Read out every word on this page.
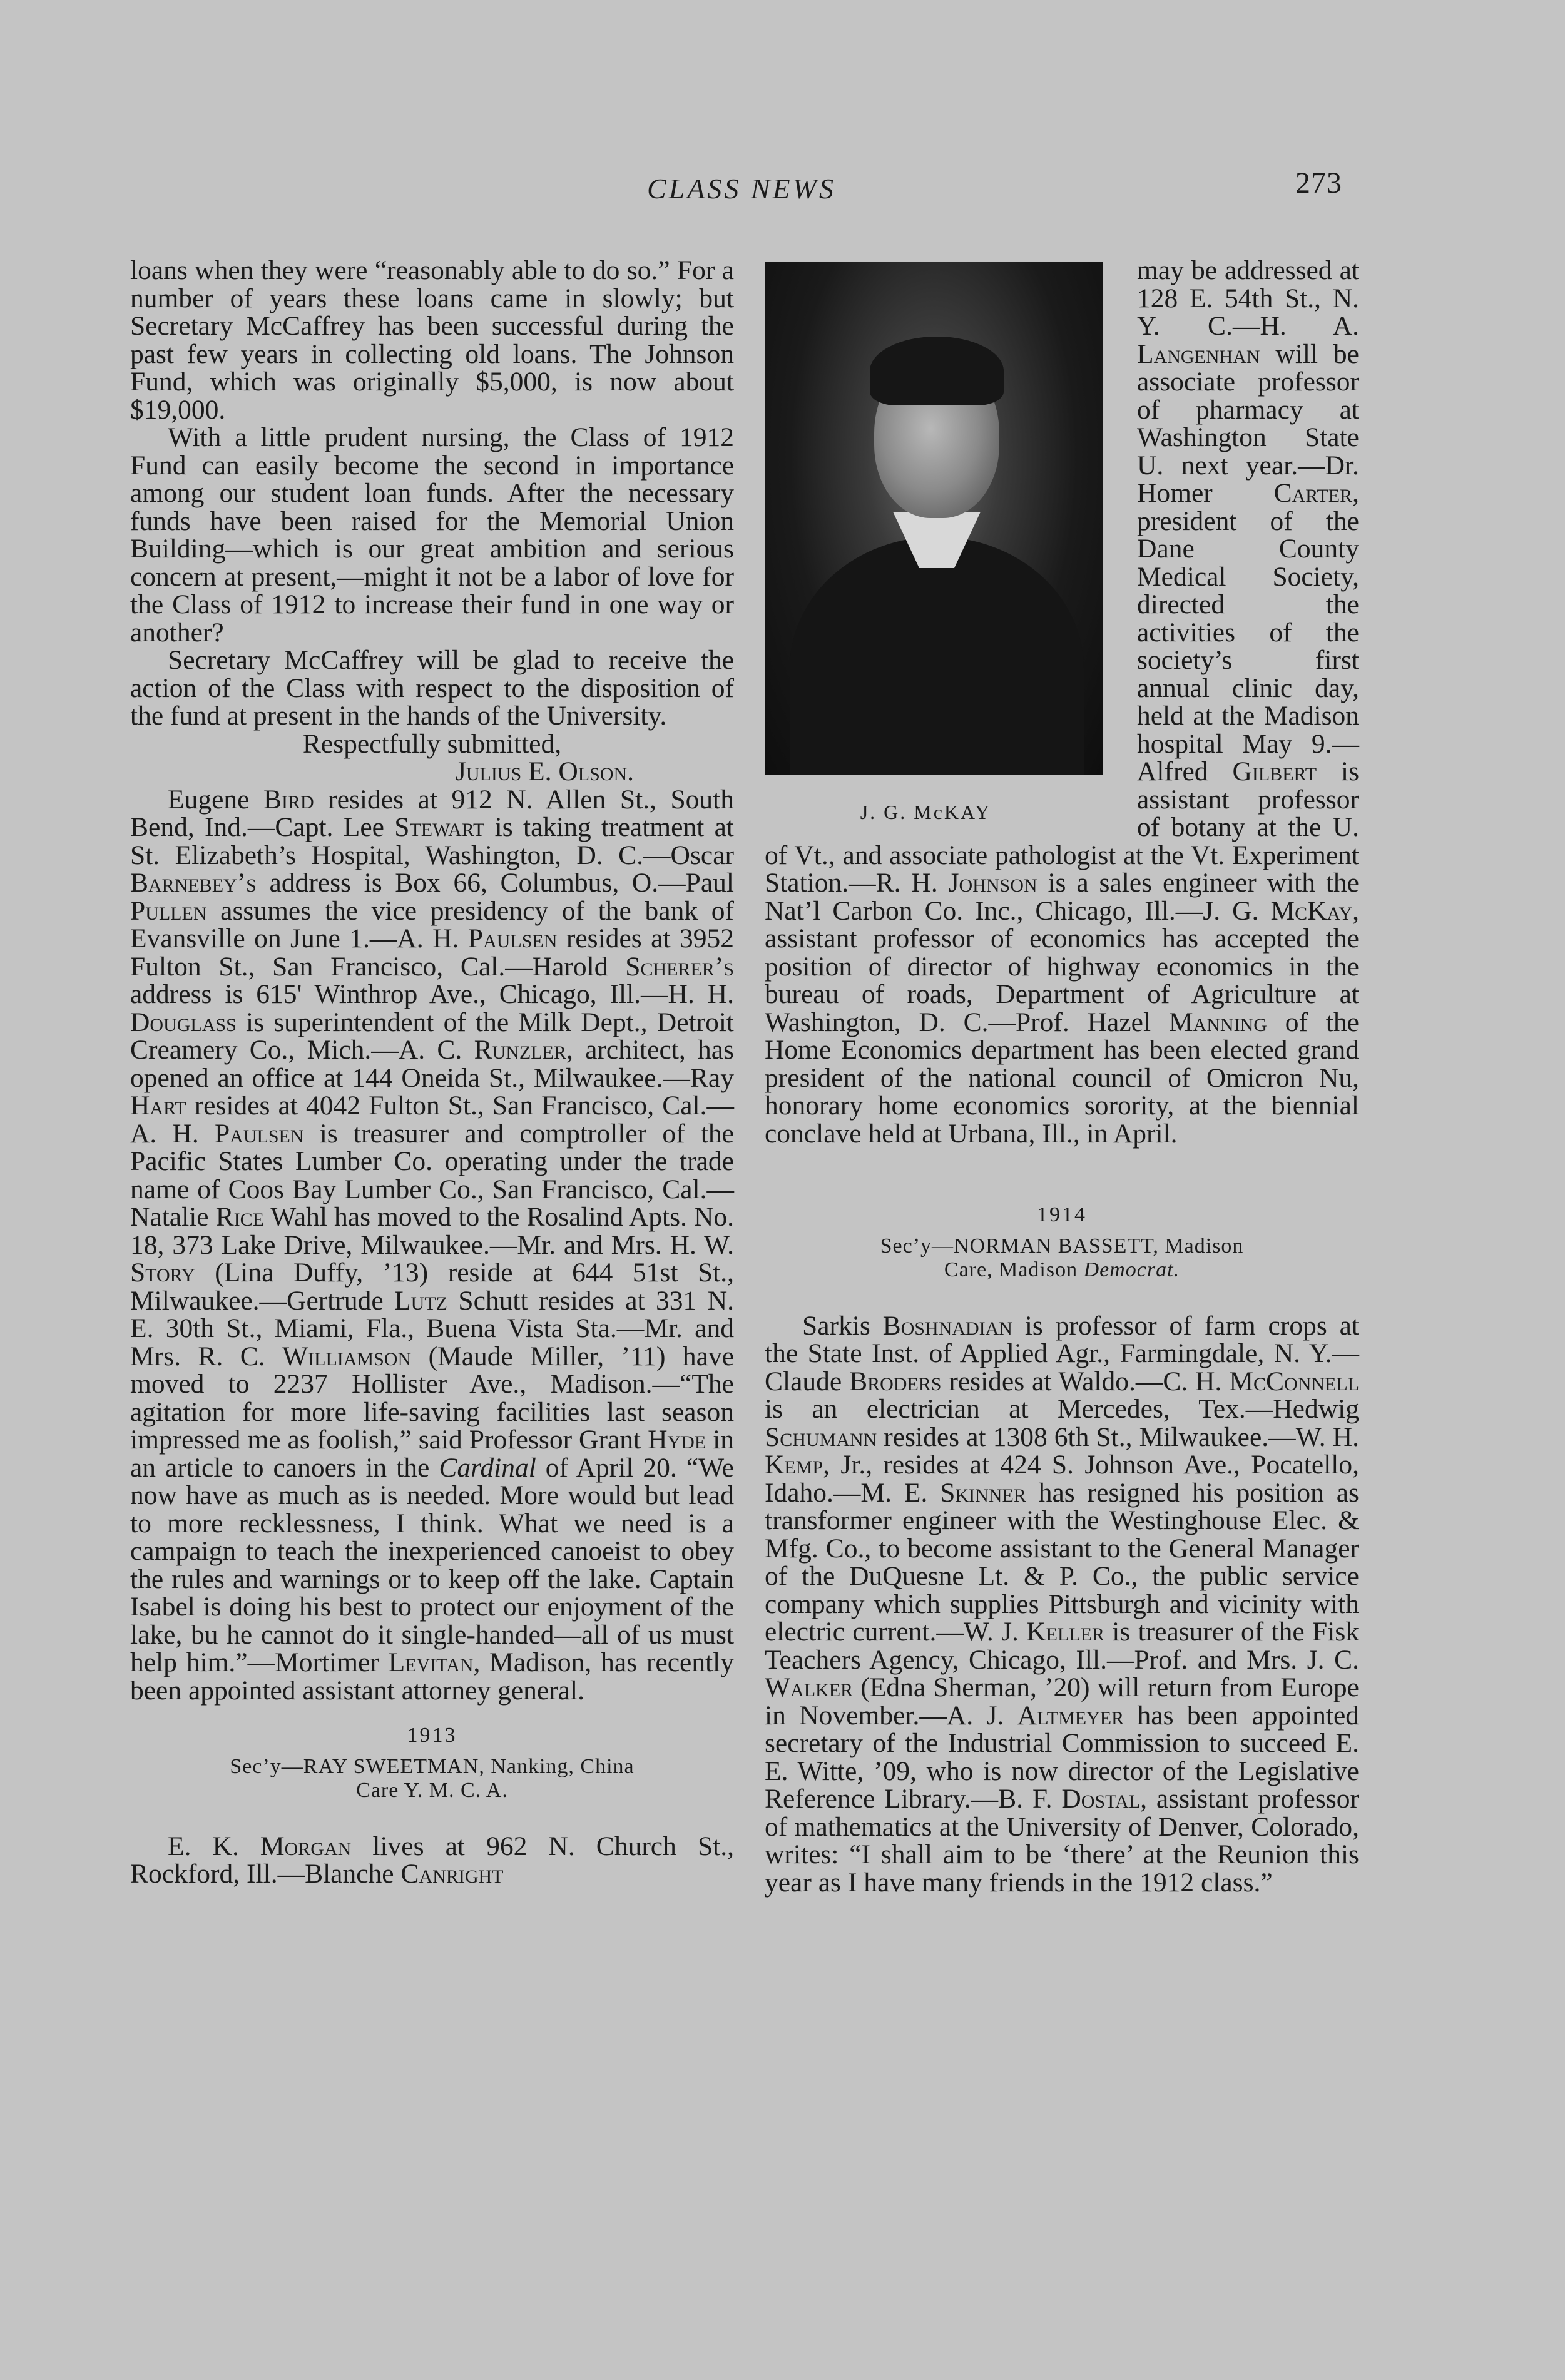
CLASS NEWS	273

loans when they were “reasonably able to do so.” For a number of years these loans came in slowly; but Secretary McCaffrey has been successful during the past few years in collecting old loans. The Johnson Fund, which was originally $5,000, is now about $19,000.

With a little prudent nursing, the Class of 1912 Fund can easily become the second in importance among our student loan funds. After the necessary funds have been raised for the Memorial Union Building—which is our great ambition and serious concern at present,—might it not be a labor of love for the Class of 1912 to increase their fund in one way or another?

Secretary McCaffrey will be glad to receive the action of the Class with respect to the disposition of the fund at present in the hands of the University.

Respectfully submitted,

Julius E. Olson.

Eugene Bird resides at 912 N. Allen St., South Bend, Ind.—Capt. Lee Stewart is taking treatment at St. Elizabeth’s Hospital, Washington, D. C.—Oscar Barnebey’s address is Box 66, Columbus, O.—Paul Pullen assumes the vice presidency of the bank of Evansville on June 1.—A. H. Paulsen resides at 3952 Fulton St., San Francisco, Cal.—Harold Scherer’s address is 615' Winthrop Ave., Chicago, Ill.—H. H. Douglass is superintendent of the Milk Dept., Detroit Creamery Co., Mich.—A. C. Runzler, architect, has opened an office at 144 Oneida St., Milwaukee.—Ray Hart resides at 4042 Fulton St., San Francisco, Cal.—A. H. Paulsen is treasurer and comptroller of the Pacific States Lumber Co. operating under the trade name of Coos Bay Lumber Co., San Francisco, Cal.—Natalie Rice Wahl has moved to the Rosalind Apts. No. 18, 373 Lake Drive, Milwaukee.—Mr. and Mrs. H. W. Story (Lina Duffy, ’13) reside at 644 51st St., Milwaukee.—Gertrude Lutz Schutt resides at 331 N. E. 30th St., Miami, Fla., Buena Vista Sta.—Mr. and Mrs. R. C. Williamson (Maude Miller, ’11) have moved to 2237 Hollister Ave., Madison.—“The agitation for more life-saving facilities last season impressed me as foolish,” said Professor Grant Hyde in an article to canoers in the Cardinal of April 20. “We now have as much as is needed. More would but lead to more recklessness, I think. What we need is a campaign to teach the inexperienced canoeist to obey the rules and warnings or to keep off the lake. Captain Isabel is doing his best to protect our enjoyment of the lake, bu he cannot do it single-handed—all of us must help him.”—Mortimer Levitan, Madison, has recently been appointed assistant attorney general.

1913
Sec’y—RAY SWEETMAN, Nanking, China
Care Y. M. C. A.

E. K. Morgan lives at 962 N. Church St., Rockford, Ill.—Blanche Canright

J. G. McKAY
may be addressed at 128 E. 54th St., N. Y. C.—H. A. Langenhan will be associate professor of pharmacy at Washington State U. next year.—Dr. Homer Carter, president of the Dane County Medical Society, directed the activities of the society’s first annual clinic day, held at the Madison hospital May 9.—Alfred Gilbert is assistant professor of botany at the U. of Vt., and associate pathologist at the Vt. Experiment Station.—R. H. Johnson is a sales engineer with the Nat’l Carbon Co. Inc., Chicago, Ill.—J. G. McKay, assistant professor of economics has accepted the position of director of highway economics in the bureau of roads, Department of Agriculture at Washington, D. C.—Prof. Hazel Manning of the Home Economics department has been elected grand president of the national council of Omicron Nu, honorary home economics sorority, at the biennial conclave held at Urbana, Ill., in April.

1914
Sec’y—NORMAN BASSETT, Madison
Care, Madison Democrat.

Sarkis Boshnadian is professor of farm crops at the State Inst. of Applied Agr., Farmingdale, N. Y.—Claude Broders resides at Waldo.—C. H. McConnell is an electrician at Mercedes, Tex.—Hedwig Schumann resides at 1308 6th St., Milwaukee.—W. H. Kemp, Jr., resides at 424 S. Johnson Ave., Pocatello, Idaho.—M. E. Skinner has resigned his position as transformer engineer with the Westinghouse Elec. & Mfg. Co., to become assistant to the General Manager of the DuQuesne Lt. & P. Co., the public service company which supplies Pittsburgh and vicinity with electric current.—W. J. Keller is treasurer of the Fisk Teachers Agency, Chicago, Ill.—Prof. and Mrs. J. C. Walker (Edna Sherman, ’20) will return from Europe in November.—A. J. Altmeyer has been appointed secretary of the Industrial Commission to succeed E. E. Witte, ’09, who is now director of the Legislative Reference Library.—B. F. Dostal, assistant professor of mathematics at the University of Denver, Colorado, writes: “I shall aim to be ‘there’ at the Reunion this year as I have many friends in the 1912 class.”
